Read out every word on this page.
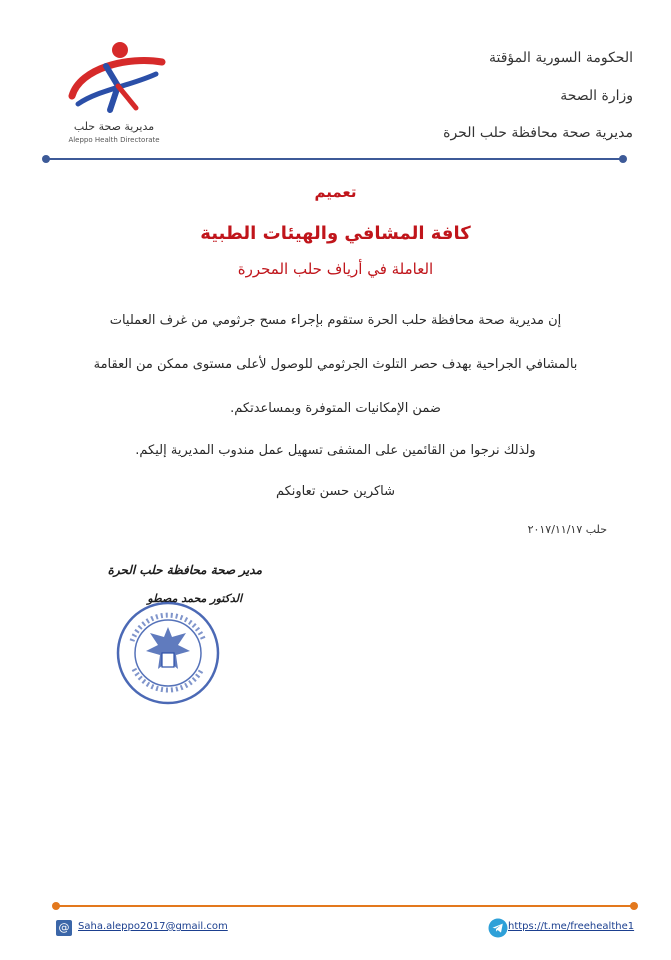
مديرية صحة حلب
Aleppo Health Directorate
الحكومة السورية المؤقتة
وزارة الصحة
مديرية صحة محافظة حلب الحرة
تعميم
كافة المشافي والهيئات الطبية
العاملة في أرياف حلب المحررة
إن مديرية صحة محافظة حلب الحرة ستقوم بإجراء مسح جرثومي من غرف العمليات
بالمشافي الجراحية بهدف حصر التلوث الجرثومي للوصول لأعلى مستوى ممكن من العقامة
ضمن الإمكانيات المتوفرة وبمساعدتكم.
ولذلك نرجوا من القائمين على المشفى تسهيل عمل مندوب المديرية إليكم.
شاكرين حسن تعاونكم
حلب ٢٠١٧/١١/١٧
مدير صحة محافظة حلب الحرة
الدكتور محمد مصطو
@ Saha.aleppo2017@gmail.com	https://t.me/freehealthe1
